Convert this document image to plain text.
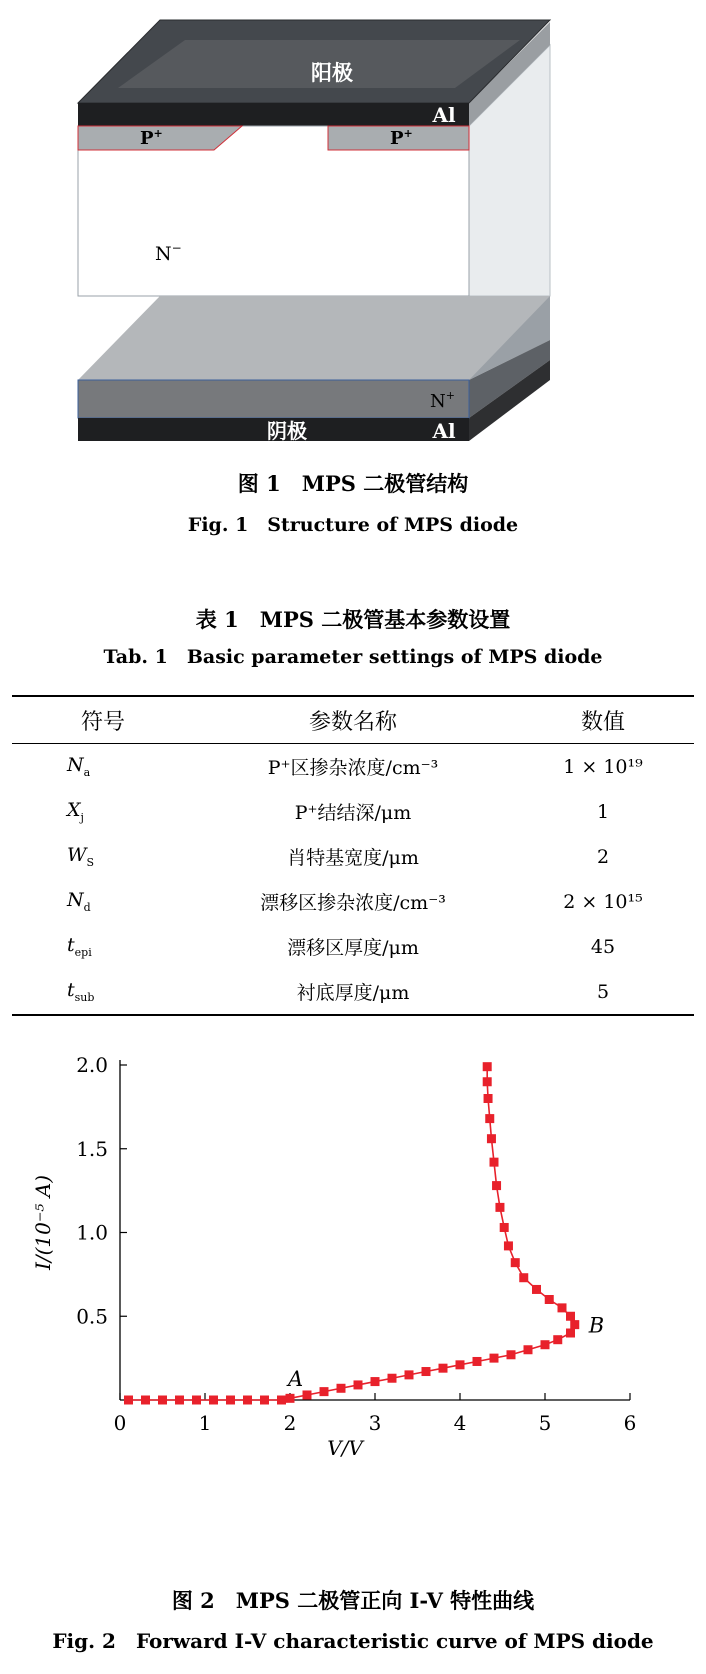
阳极
Al
P+	P+
N−
N+
阴极	Al
图 1　MPS 二极管结构
Fig. 1　Structure of MPS diode
表 1　MPS 二极管基本参数设置
Tab. 1　Basic parameter settings of MPS diode
符号	参数名称	数值
$N_a$	P⁺区掺杂浓度/cm⁻³	1 × 10¹⁹
$X_j$	P⁺结结深/μm	1
$W_S$	肖特基宽度/μm	2
$N_d$	漂移区掺杂浓度/cm⁻³	2 × 10¹⁵
$t_{epi}$	漂移区厚度/μm	45
$t_{sub}$	衬底厚度/μm	5
0	1	2	3	4	5	6
0.5
1.0
1.5
2.0
V/V
I/(10⁻⁵ A)
A
B
图 2　MPS 二极管正向 I-V 特性曲线
Fig. 2　Forward I-V characteristic curve of MPS diode
